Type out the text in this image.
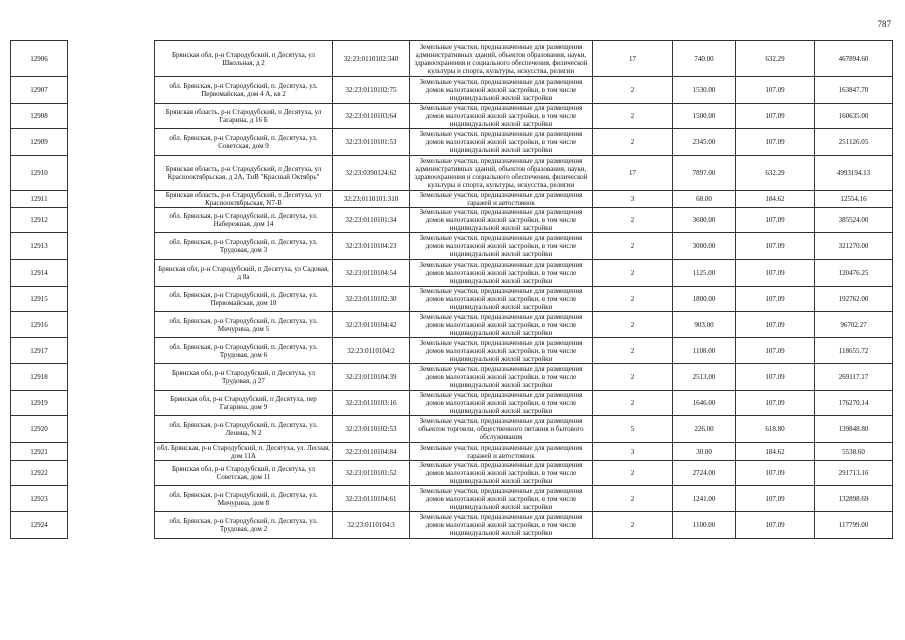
787
12906		Брянская обл, р-н Стародубский, п Десятуха, ул Школьная, д 2	32:23:0110102:340	Земельные участки, предназначенные для размещения административных зданий, объектов образования, науки, здравоохранения и социального обеспечения, физической культуры и спорта, культуры, искусства, религии	17	740.00	632.29	467894.60
12907		обл. Брянская, р-н Стародубский, п. Десятуха, ул. Первомайская, дом 4 А, кв 2	32:23:0110102:75	Земельные участки, предназначенные для размещения домов малоэтажной жилой застройки, в том числе индивидуальной жилой застройки	2	1530.00	107.09	163847.70
12908		Брянская область, р-н Стародубский, п Десятуха, ул Гагарина, д 16 Б	32:23:0110103:64	Земельные участки, предназначенные для размещения домов малоэтажной жилой застройки, в том числе индивидуальной жилой застройки	2	1500.00	107.09	160635.00
12909		обл. Брянская, р-н Стародубский, п. Десятуха, ул. Советская, дом 9	32:23:0110101:53	Земельные участки, предназначенные для размещения домов малоэтажной жилой застройки, в том числе индивидуальной жилой застройки	2	2345.00	107.09	251126.05
12910		Брянская область, р-н Стародубский, п Десятуха, ул Краснооктябрьская, д 2А, ТнВ "Красный Октябрь"	32:23:0390124:62	Земельные участки, предназначенные для размещения административных зданий, объектов образования, науки, здравоохранения и социального обеспечения, физической культуры и спорта, культуры, искусства, религии	17	7897.00	632.29	4993194.13
12911		Брянская область, р-н Стародубский, п Десятуха, ул Краснооктябрьская, N7-В	32:23:0110101:310	Земельные участки, предназначенные для размещения гаражей и автостоянок	3	68.00	184.62	12554.16
12912		обл. Брянская, р-н Стародубский, п. Десятуха, ул. Набережная, дом 14	32:23:0110101:34	Земельные участки, предназначенные для размещения домов малоэтажной жилой застройки, в том числе индивидуальной жилой застройки	2	3600.00	107.09	385524.00
12913		обл. Брянская, р-н Стародубский, п. Десятуха, ул. Трудовая, дом 3	32:23:0110104:23	Земельные участки, предназначенные для размещения домов малоэтажной жилой застройки, в том числе индивидуальной жилой застройки	2	3000.00	107.09	321270.00
12914		Брянская обл, р-н Стародубский, п Десятуха, ул Садовая, д 8а	32:23:0110104:54	Земельные участки, предназначенные для размещения домов малоэтажной жилой застройки, в том числе индивидуальной жилой застройки	2	1125.00	107.09	120476.25
12915		обл. Брянская, р-н Стародубский, п. Десятуха, ул. Первомайская, дом 18	32:23:0110102:30	Земельные участки, предназначенные для размещения домов малоэтажной жилой застройки, в том числе индивидуальной жилой застройки	2	1800.00	107.09	192762.00
12916		обл. Брянская, р-н Стародубский, п. Десятуха, ул. Мичурина, дом 5	32:23:0110104:42	Земельные участки, предназначенные для размещения домов малоэтажной жилой застройки, в том числе индивидуальной жилой застройки	2	903.00	107.09	96702.27
12917		обл. Брянская, р-н Стародубский, п. Десятуха, ул. Трудовая, дом 6	32:23:0110104:2	Земельные участки, предназначенные для размещения домов малоэтажной жилой застройки, в том числе индивидуальной жилой застройки	2	1108.00	107.09	118655.72
12918		Брянская обл, р-н Стародубский, п Десятуха, ул Трудовая, д 27	32:23:0110104:39	Земельные участки, предназначенные для размещения домов малоэтажной жилой застройки, в том числе индивидуальной жилой застройки	2	2513.00	107.09	269117.17
12919		Брянская обл, р-н Стародубский, п Десятуха, пер Гагарина, дом 9	32:23:0110103:16	Земельные участки, предназначенные для размещения домов малоэтажной жилой застройки, в том числе индивидуальной жилой застройки	2	1646.00	107.09	176270.14
12920		обл. Брянская, р-н Стародубский, п. Десятуха, ул. Ленина, N 2	32:23:0110102:53	Земельные участки, предназначенные для размещения объектов торговли, общественного питания и бытового обслуживания	5	226.00	618.80	139848.80
12921		обл. Брянская, р-н Стародубский, п. Десятуха, ул. Лесная, дом 11А	32:23:0110104:84	Земельные участки, предназначенные для размещения гаражей и автостоянок	3	30.00	184.62	5538.60
12922		Брянская обл, р-н Стародубский, п Десятуха, ул Советская, дом 11	32:23:0110101:52	Земельные участки, предназначенные для размещения домов малоэтажной жилой застройки, в том числе индивидуальной жилой застройки	2	2724.00	107.09	291713.16
12923		обл. Брянская, р-н Стародубский, п. Десятуха, ул. Мичурина, дом 8	32:23:0110104:61	Земельные участки, предназначенные для размещения домов малоэтажной жилой застройки, в том числе индивидуальной жилой застройки	2	1241.00	107.09	132898.69
12924		обл. Брянская, р-н Стародубский, п. Десятуха, ул. Трудовая, дом 2	32:23:0110104:3	Земельные участки, предназначенные для размещения домов малоэтажной жилой застройки, в том числе индивидуальной жилой застройки	2	1100.00	107.09	117799.00
